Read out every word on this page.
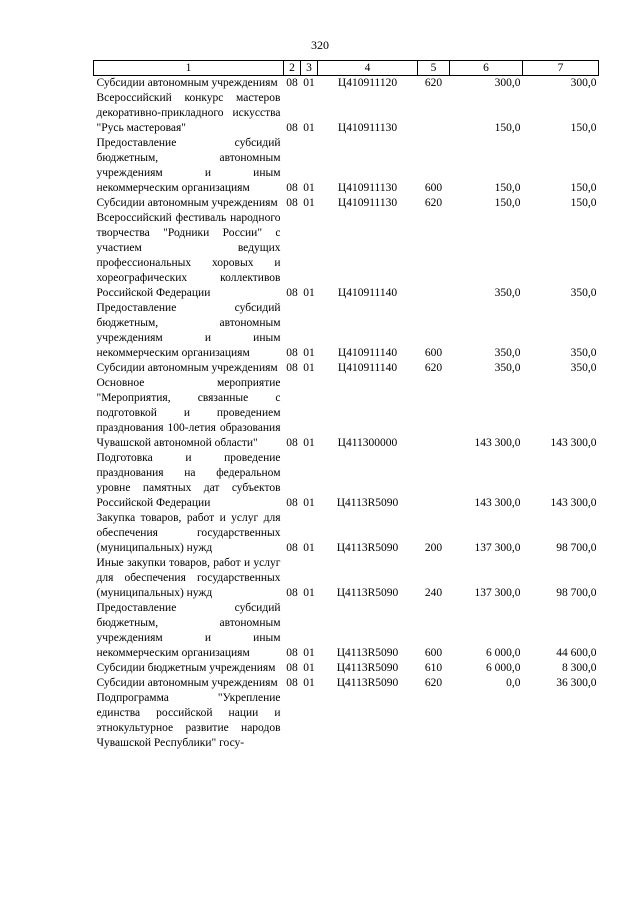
320
1	2	3	4	5	6	7
Субсидии автономным учреждениям	08	01	Ц410911120	620	300,0	300,0
Всероссийский конкурс мастеров декоративно-прикладного искусства "Русь мастеровая"	08	01	Ц410911130		150,0	150,0
Предоставление субсидий бюджетным, автономным учреждениям и иным некоммерческим организациям	08	01	Ц410911130	600	150,0	150,0
Субсидии автономным учреждениям	08	01	Ц410911130	620	150,0	150,0
Всероссийский фестиваль народного творчества "Родники России" с участием ведущих профессиональных хоровых и хореографических коллективов Российской Федерации	08	01	Ц410911140		350,0	350,0
Предоставление субсидий бюджетным, автономным учреждениям и иным некоммерческим организациям	08	01	Ц410911140	600	350,0	350,0
Субсидии автономным учреждениям	08	01	Ц410911140	620	350,0	350,0
Основное мероприятие "Мероприятия, связанные с подготовкой и проведением празднования 100-летия образования Чувашской автономной области"	08	01	Ц411300000		143 300,0	143 300,0
Подготовка и проведение празднования на федеральном уровне памятных дат субъектов Российской Федерации	08	01	Ц4113R5090		143 300,0	143 300,0
Закупка товаров, работ и услуг для обеспечения государственных (муниципальных) нужд	08	01	Ц4113R5090	200	137 300,0	98 700,0
Иные закупки товаров, работ и услуг для обеспечения государственных (муниципальных) нужд	08	01	Ц4113R5090	240	137 300,0	98 700,0
Предоставление субсидий бюджетным, автономным учреждениям и иным некоммерческим организациям	08	01	Ц4113R5090	600	6 000,0	44 600,0
Субсидии бюджетным учреждениям	08	01	Ц4113R5090	610	6 000,0	8 300,0
Субсидии автономным учреждениям	08	01	Ц4113R5090	620	0,0	36 300,0
Подпрограмма "Укрепление единства российской нации и этнокультурное развитие народов Чувашской Республики" госу-						
